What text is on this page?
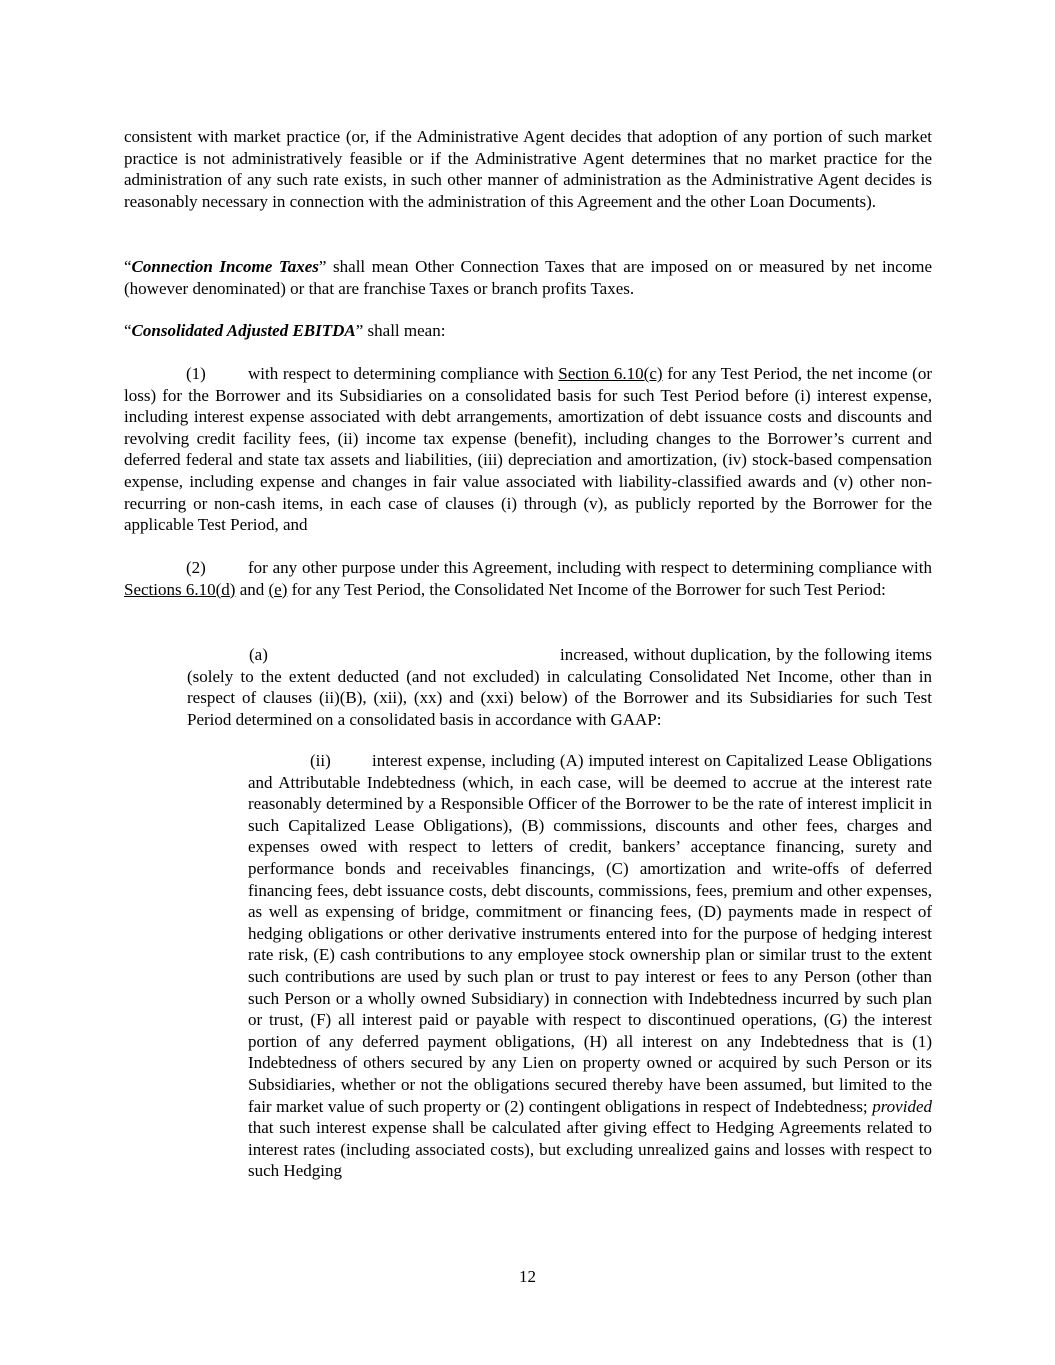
consistent with market practice (or, if the Administrative Agent decides that adoption of any portion of such market practice is not administratively feasible or if the Administrative Agent determines that no market practice for the administration of any such rate exists, in such other manner of administration as the Administrative Agent decides is reasonably necessary in connection with the administration of this Agreement and the other Loan Documents).

“Connection Income Taxes” shall mean Other Connection Taxes that are imposed on or measured by net income (however denominated) or that are franchise Taxes or branch profits Taxes.

“Consolidated Adjusted EBITDA” shall mean:

(1) with respect to determining compliance with Section 6.10(c) for any Test Period, the net income (or loss) for the Borrower and its Subsidiaries on a consolidated basis for such Test Period before (i) interest expense, including interest expense associated with debt arrangements, amortization of debt issuance costs and discounts and revolving credit facility fees, (ii) income tax expense (benefit), including changes to the Borrower’s current and deferred federal and state tax assets and liabilities, (iii) depreciation and amortization, (iv) stock-based compensation expense, including expense and changes in fair value associated with liability-classified awards and (v) other non-recurring or non-cash items, in each case of clauses (i) through (v), as publicly reported by the Borrower for the applicable Test Period, and

(2) for any other purpose under this Agreement, including with respect to determining compliance with Sections 6.10(d) and (e) for any Test Period, the Consolidated Net Income of the Borrower for such Test Period:

(a)	increased, without duplication, by the following items (solely to the extent deducted (and not excluded) in calculating Consolidated Net Income, other than in respect of clauses (ii)(B), (xii), (xx) and (xxi) below) of the Borrower and its Subsidiaries for such Test Period determined on a consolidated basis in accordance with GAAP:

(ii) interest expense, including (A) imputed interest on Capitalized Lease Obligations and Attributable Indebtedness (which, in each case, will be deemed to accrue at the interest rate reasonably determined by a Responsible Officer of the Borrower to be the rate of interest implicit in such Capitalized Lease Obligations), (B) commissions, discounts and other fees, charges and expenses owed with respect to letters of credit, bankers’ acceptance financing, surety and performance bonds and receivables financings, (C) amortization and write-offs of deferred financing fees, debt issuance costs, debt discounts, commissions, fees, premium and other expenses, as well as expensing of bridge, commitment or financing fees, (D) payments made in respect of hedging obligations or other derivative instruments entered into for the purpose of hedging interest rate risk, (E) cash contributions to any employee stock ownership plan or similar trust to the extent such contributions are used by such plan or trust to pay interest or fees to any Person (other than such Person or a wholly owned Subsidiary) in connection with Indebtedness incurred by such plan or trust, (F) all interest paid or payable with respect to discontinued operations, (G) the interest portion of any deferred payment obligations, (H) all interest on any Indebtedness that is (1) Indebtedness of others secured by any Lien on property owned or acquired by such Person or its Subsidiaries, whether or not the obligations secured thereby have been assumed, but limited to the fair market value of such property or (2) contingent obligations in respect of Indebtedness; provided that such interest expense shall be calculated after giving effect to Hedging Agreements related to interest rates (including associated costs), but excluding unrealized gains and losses with respect to such Hedging

12
